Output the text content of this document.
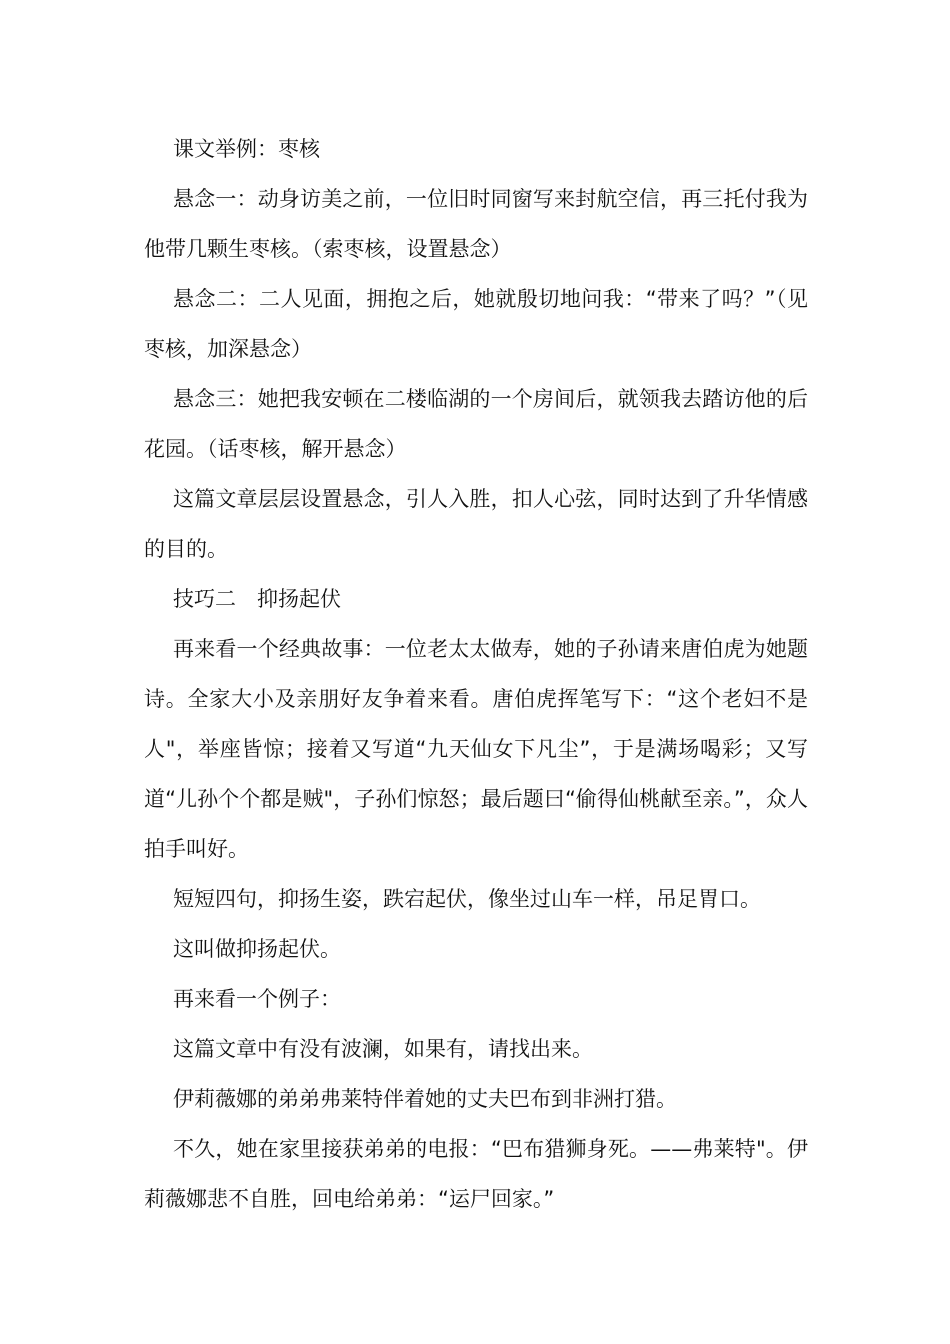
课文举例：枣核

悬念一：动身访美之前，一位旧时同窗写来封航空信，再三托付我为他带几颗生枣核。（索枣核，设置悬念）

悬念二：二人见面，拥抱之后，她就殷切地问我：“带来了吗？”（见枣核，加深悬念）

悬念三：她把我安顿在二楼临湖的一个房间后，就领我去踏访他的后花园。（话枣核，解开悬念）

这篇文章层层设置悬念，引人入胜，扣人心弦，同时达到了升华情感的目的。

技巧二　抑扬起伏

再来看一个经典故事：一位老太太做寿，她的子孙请来唐伯虎为她题诗。全家大小及亲朋好友争着来看。唐伯虎挥笔写下：“这个老妇不是人"，举座皆惊；接着又写道“九天仙女下凡尘”，于是满场喝彩；又写道“儿孙个个都是贼"，子孙们惊怒；最后题曰“偷得仙桃献至亲。”，众人拍手叫好。

短短四句，抑扬生姿，跌宕起伏，像坐过山车一样，吊足胃口。

这叫做抑扬起伏。

再来看一个例子：

这篇文章中有没有波澜，如果有，请找出来。

伊莉薇娜的弟弟弗莱特伴着她的丈夫巴布到非洲打猎。

不久，她在家里接获弟弟的电报：“巴布猎狮身死。——弗莱特"。伊莉薇娜悲不自胜，回电给弟弟：“运尸回家。”
